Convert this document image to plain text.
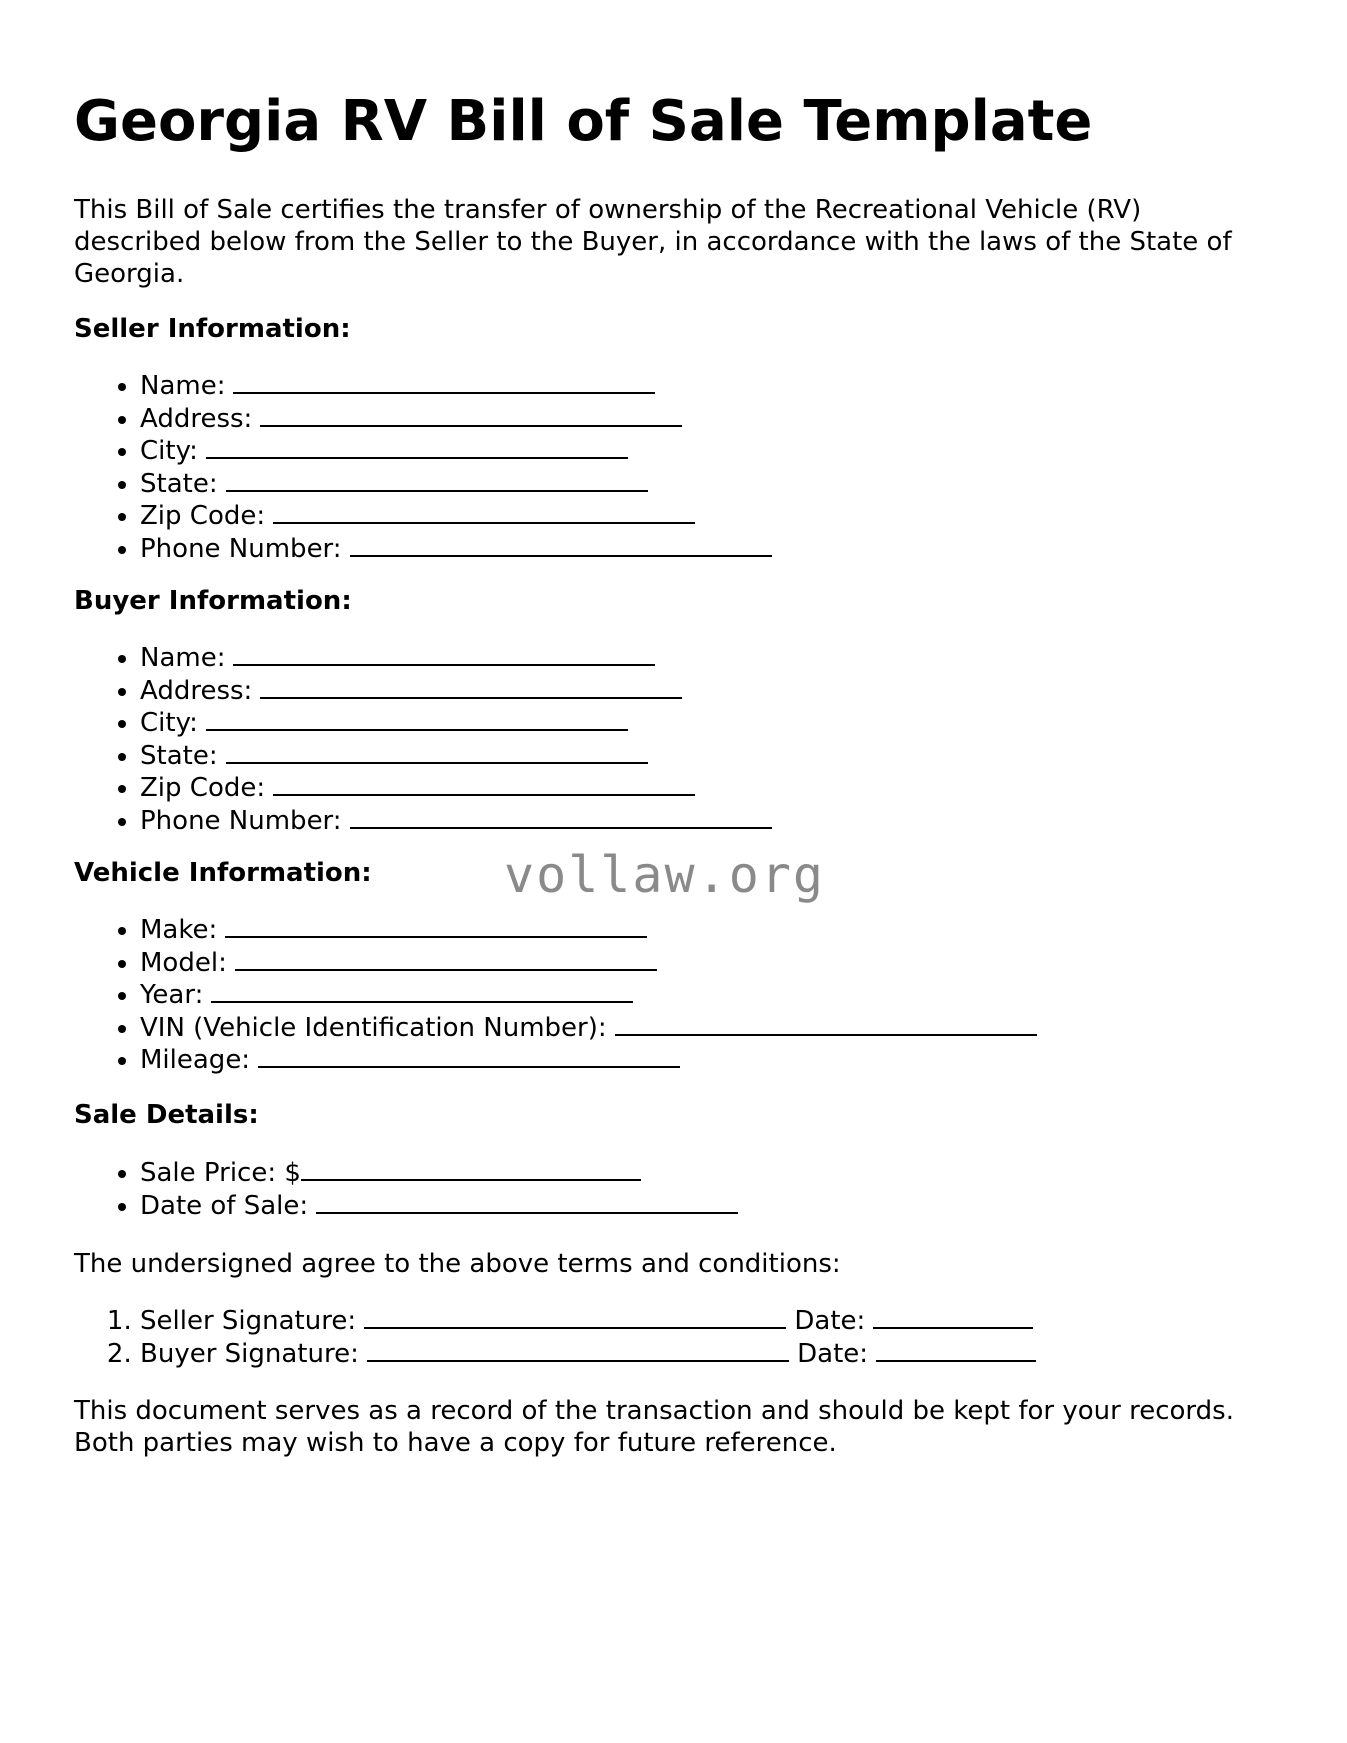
Georgia RV Bill of Sale Template

This Bill of Sale certifies the transfer of ownership of the Recreational Vehicle (RV) described below from the Seller to the Buyer, in accordance with the laws of the State of Georgia.

Seller Information:
• Name:
• Address:
• City:
• State:
• Zip Code:
• Phone Number:
Buyer Information:
• Name:
• Address:
• City:
• State:
• Zip Code:
• Phone Number:
Vehicle Information:
• Make:
• Model:
• Year:
• VIN (Vehicle Identification Number):
• Mileage:
Sale Details:
• Sale Price: $
• Date of Sale:

The undersigned agree to the above terms and conditions:

1. Seller Signature:	Date:
2. Buyer Signature:	Date:

This document serves as a record of the transaction and should be kept for your records. Both parties may wish to have a copy for future reference.

vollaw.org
